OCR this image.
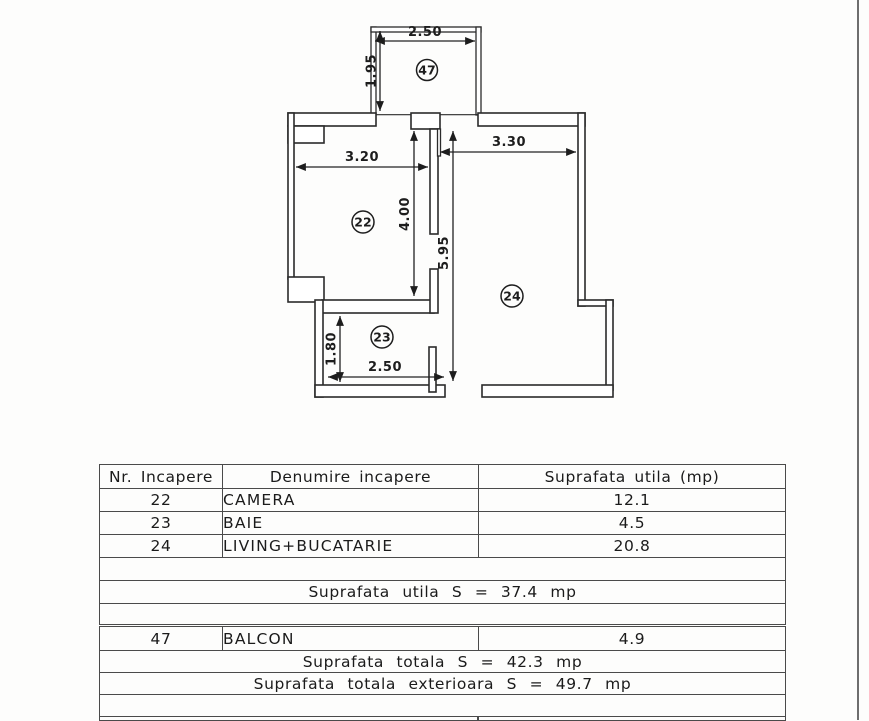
2.50
1.95
3.20
3.30
4.00
5.95
1.80
2.50
47
22
23
24
Nr. Incapere	Denumire incapere	Suprafata utila (mp)
22	CAMERA	12.1
23	BAIE	4.5
24	LIVING+BUCATARIE	20.8

Suprafata utila S = 37.4 mp		

47	BALCON	4.9
Suprafata totala S = 42.3 mp		
Suprafata totala exterioara S = 49.7 mp		
